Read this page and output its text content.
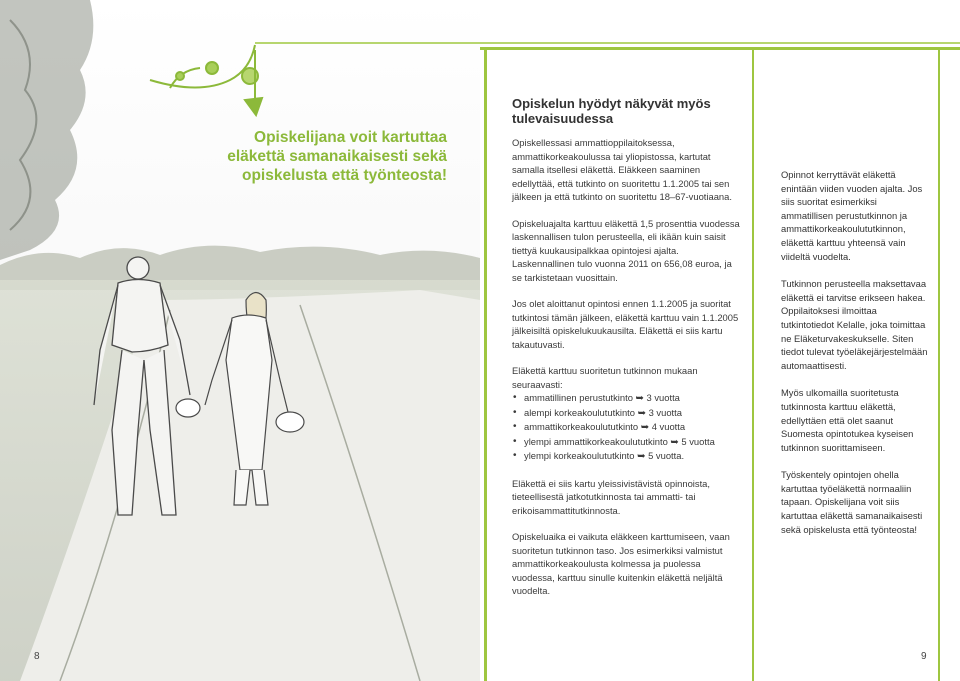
Opiskelijana voit kartuttaa eläkettä samanaikaisesti sekä opiskelusta että työnteosta!
8
Opiskelun hyödyt näkyvät myös tulevaisuudessa

Opiskellessasi ammattioppilaitoksessa, ammattikorkeakoulussa tai yliopistossa, kartutat samalla itsellesi eläkettä. Eläkkeen saaminen edellyttää, että tutkinto on suoritettu 1.1.2005 tai sen jälkeen ja että tutkinto on suoritettu 18–67-vuotiaana.

Opiskeluajalta karttuu eläkettä 1,5 prosenttia vuodessa laskennallisen tulon perusteella, eli ikään kuin saisit tiettyä kuukausipalkkaa opintojesi ajalta. Laskennallinen tulo vuonna 2011 on 656,08 euroa, ja se tarkistetaan vuosittain.

Jos olet aloittanut opintosi ennen 1.1.2005 ja suoritat tutkintosi tämän jälkeen, eläkettä karttuu vain 1.1.2005 jälkeisiltä opiskelukuukausilta. Eläkettä ei siis kartu takautuvasti.

Eläkettä karttuu suoritetun tutkinnon mukaan seuraavasti:

• ammatillinen perustutkinto ➥ 3 vuotta
• alempi korkeakoulututkinto ➥ 3 vuotta
• ammattikorkeakoulututkinto ➥ 4 vuotta
• ylempi ammattikorkeakoulututkinto ➥ 5 vuotta
• ylempi korkeakoulututkinto ➥ 5 vuotta.

Eläkettä ei siis kartu yleissivistävistä opinnoista, tieteellisestä jatkotutkinnosta tai ammatti- tai erikoisammattitutkinnosta.

Opiskeluaika ei vaikuta eläkkeen karttumiseen, vaan suoritetun tutkinnon taso. Jos esimerkiksi valmistut ammattikorkeakoulusta kolmessa ja puolessa vuodessa, karttuu sinulle kuitenkin eläkettä neljältä vuodelta.

Opinnot kerryttävät eläkettä enintään viiden vuoden ajalta. Jos siis suoritat esimerkiksi ammatillisen perustutkinnon ja ammattikorkeakoulututkinnon, eläkettä karttuu yhteensä vain viideltä vuodelta.

Tutkinnon perusteella maksettavaa eläkettä ei tarvitse erikseen hakea. Oppilaitoksesi ilmoittaa tutkintotiedot Kelalle, joka toimittaa ne Eläketurvakeskukselle. Siten tiedot tulevat työeläkejärjestelmään automaattisesti.

Myös ulkomailla suoritetusta tutkinnosta karttuu eläkettä, edellyttäen että olet saanut Suomesta opintotukea kyseisen tutkinnon suorittamiseen.

Työskentely opintojen ohella kartuttaa työeläkettä normaaliin tapaan. Opiskelijana voit siis kartuttaa eläkettä samanaikaisesti sekä opiskelusta että työnteosta!

9
